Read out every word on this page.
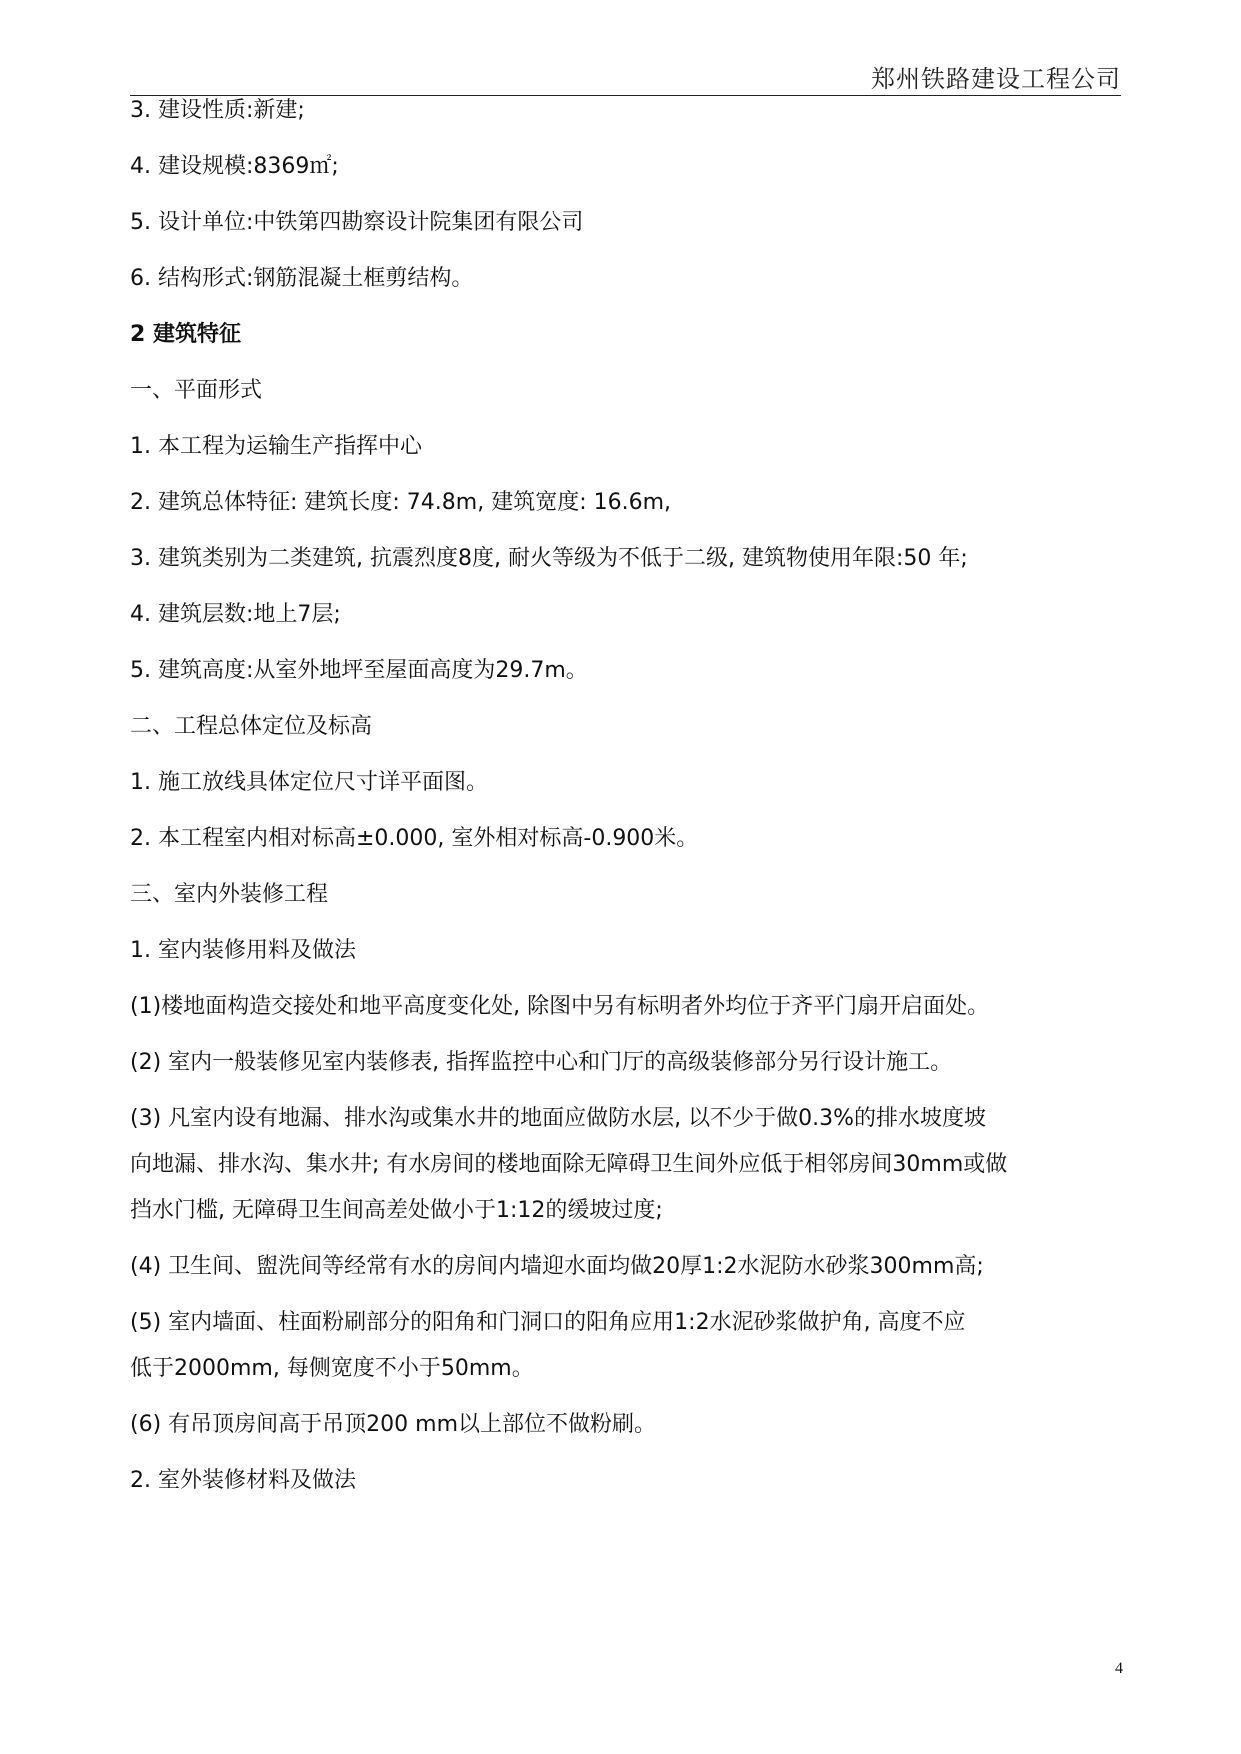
郑州铁路建设工程公司
3. 建设性质:新建;
4. 建设规模:8369㎡;
5. 设计单位:中铁第四勘察设计院集团有限公司
6. 结构形式:钢筋混凝土框剪结构。
2 建筑特征
一、平面形式
1. 本工程为运输生产指挥中心
2. 建筑总体特征: 建筑长度: 74.8m, 建筑宽度: 16.6m,
3. 建筑类别为二类建筑, 抗震烈度8度, 耐火等级为不低于二级, 建筑物使用年限:50 年;
4. 建筑层数:地上7层;
5. 建筑高度:从室外地坪至屋面高度为29.7m。
二、工程总体定位及标高
1. 施工放线具体定位尺寸详平面图。
2. 本工程室内相对标高±0.000, 室外相对标高-0.900米。
三、室内外装修工程
1. 室内装修用料及做法
(1)楼地面构造交接处和地平高度变化处, 除图中另有标明者外均位于齐平门扇开启面处。
(2) 室内一般装修见室内装修表, 指挥监控中心和门厅的高级装修部分另行设计施工。
(3) 凡室内设有地漏、排水沟或集水井的地面应做防水层, 以不少于做0.3%的排水坡度坡
向地漏、排水沟、集水井; 有水房间的楼地面除无障碍卫生间外应低于相邻房间30mm或做
挡水门槛, 无障碍卫生间高差处做小于1:12的缓坡过度;
(4) 卫生间、盥洗间等经常有水的房间内墙迎水面均做20厚1:2水泥防水砂浆300mm高;
(5) 室内墙面、柱面粉刷部分的阳角和门洞口的阳角应用1:2水泥砂浆做护角, 高度不应
低于2000mm, 每侧宽度不小于50mm。
(6) 有吊顶房间高于吊顶200 mm以上部位不做粉刷。
2. 室外装修材料及做法
4
